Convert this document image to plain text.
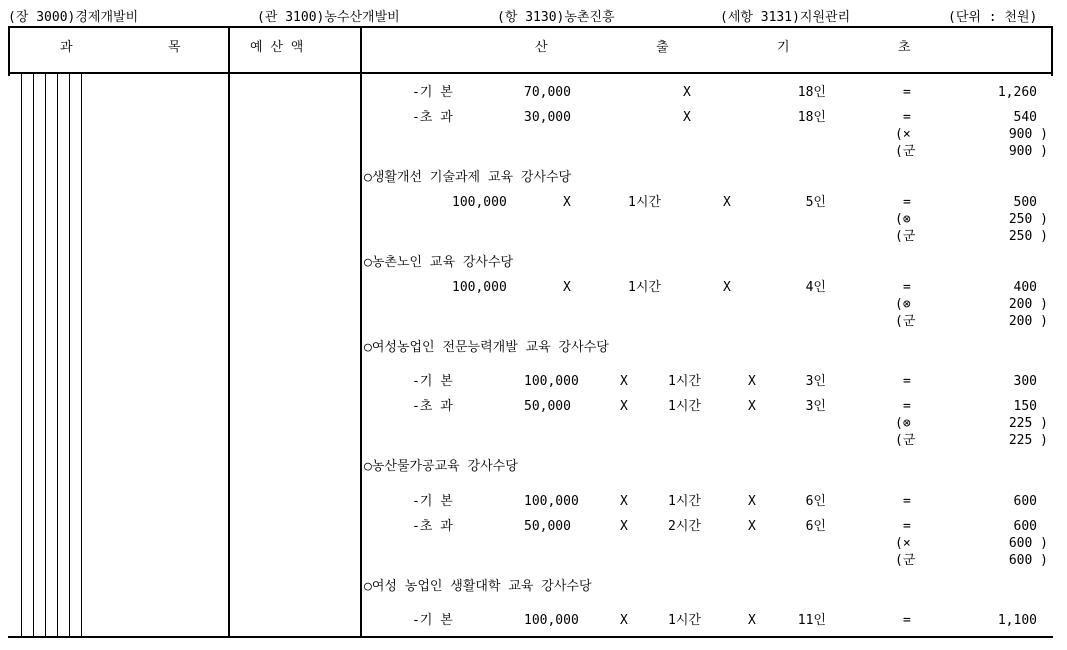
(장 3000)경제개발비	(관 3100)농수산개발비	(항 3130)농촌진흥	(세항 3131)지원관리	(단위 : 천원)
과	목	예 산 액	산	출	기	초
-기 본	70,000	X	18인	=	1,260
-초 과	30,000	X	18인	=	540
(×	900 )
(군	900 )
○생활개선 기술과제 교육 강사수당
100,000	X	1시간	X	5인	=	500
(⊗	250 )
(군	250 )
○농촌노인 교육 강사수당
100,000	X	1시간	X	4인	=	400
(⊗	200 )
(군	200 )
○여성농업인 전문능력개발 교육 강사수당
-기 본	100,000	X	1시간	X	3인	=	300
-초 과	50,000	X	1시간	X	3인	=	150
(⊗	225 )
(군	225 )
○농산물가공교육 강사수당
-기 본	100,000	X	1시간	X	6인	=	600
-초 과	50,000	X	2시간	X	6인	=	600
(×	600 )
(군	600 )
○여성 농업인 생활대학 교육 강사수당
-기 본	100,000	X	1시간	X	11인	=	1,100
